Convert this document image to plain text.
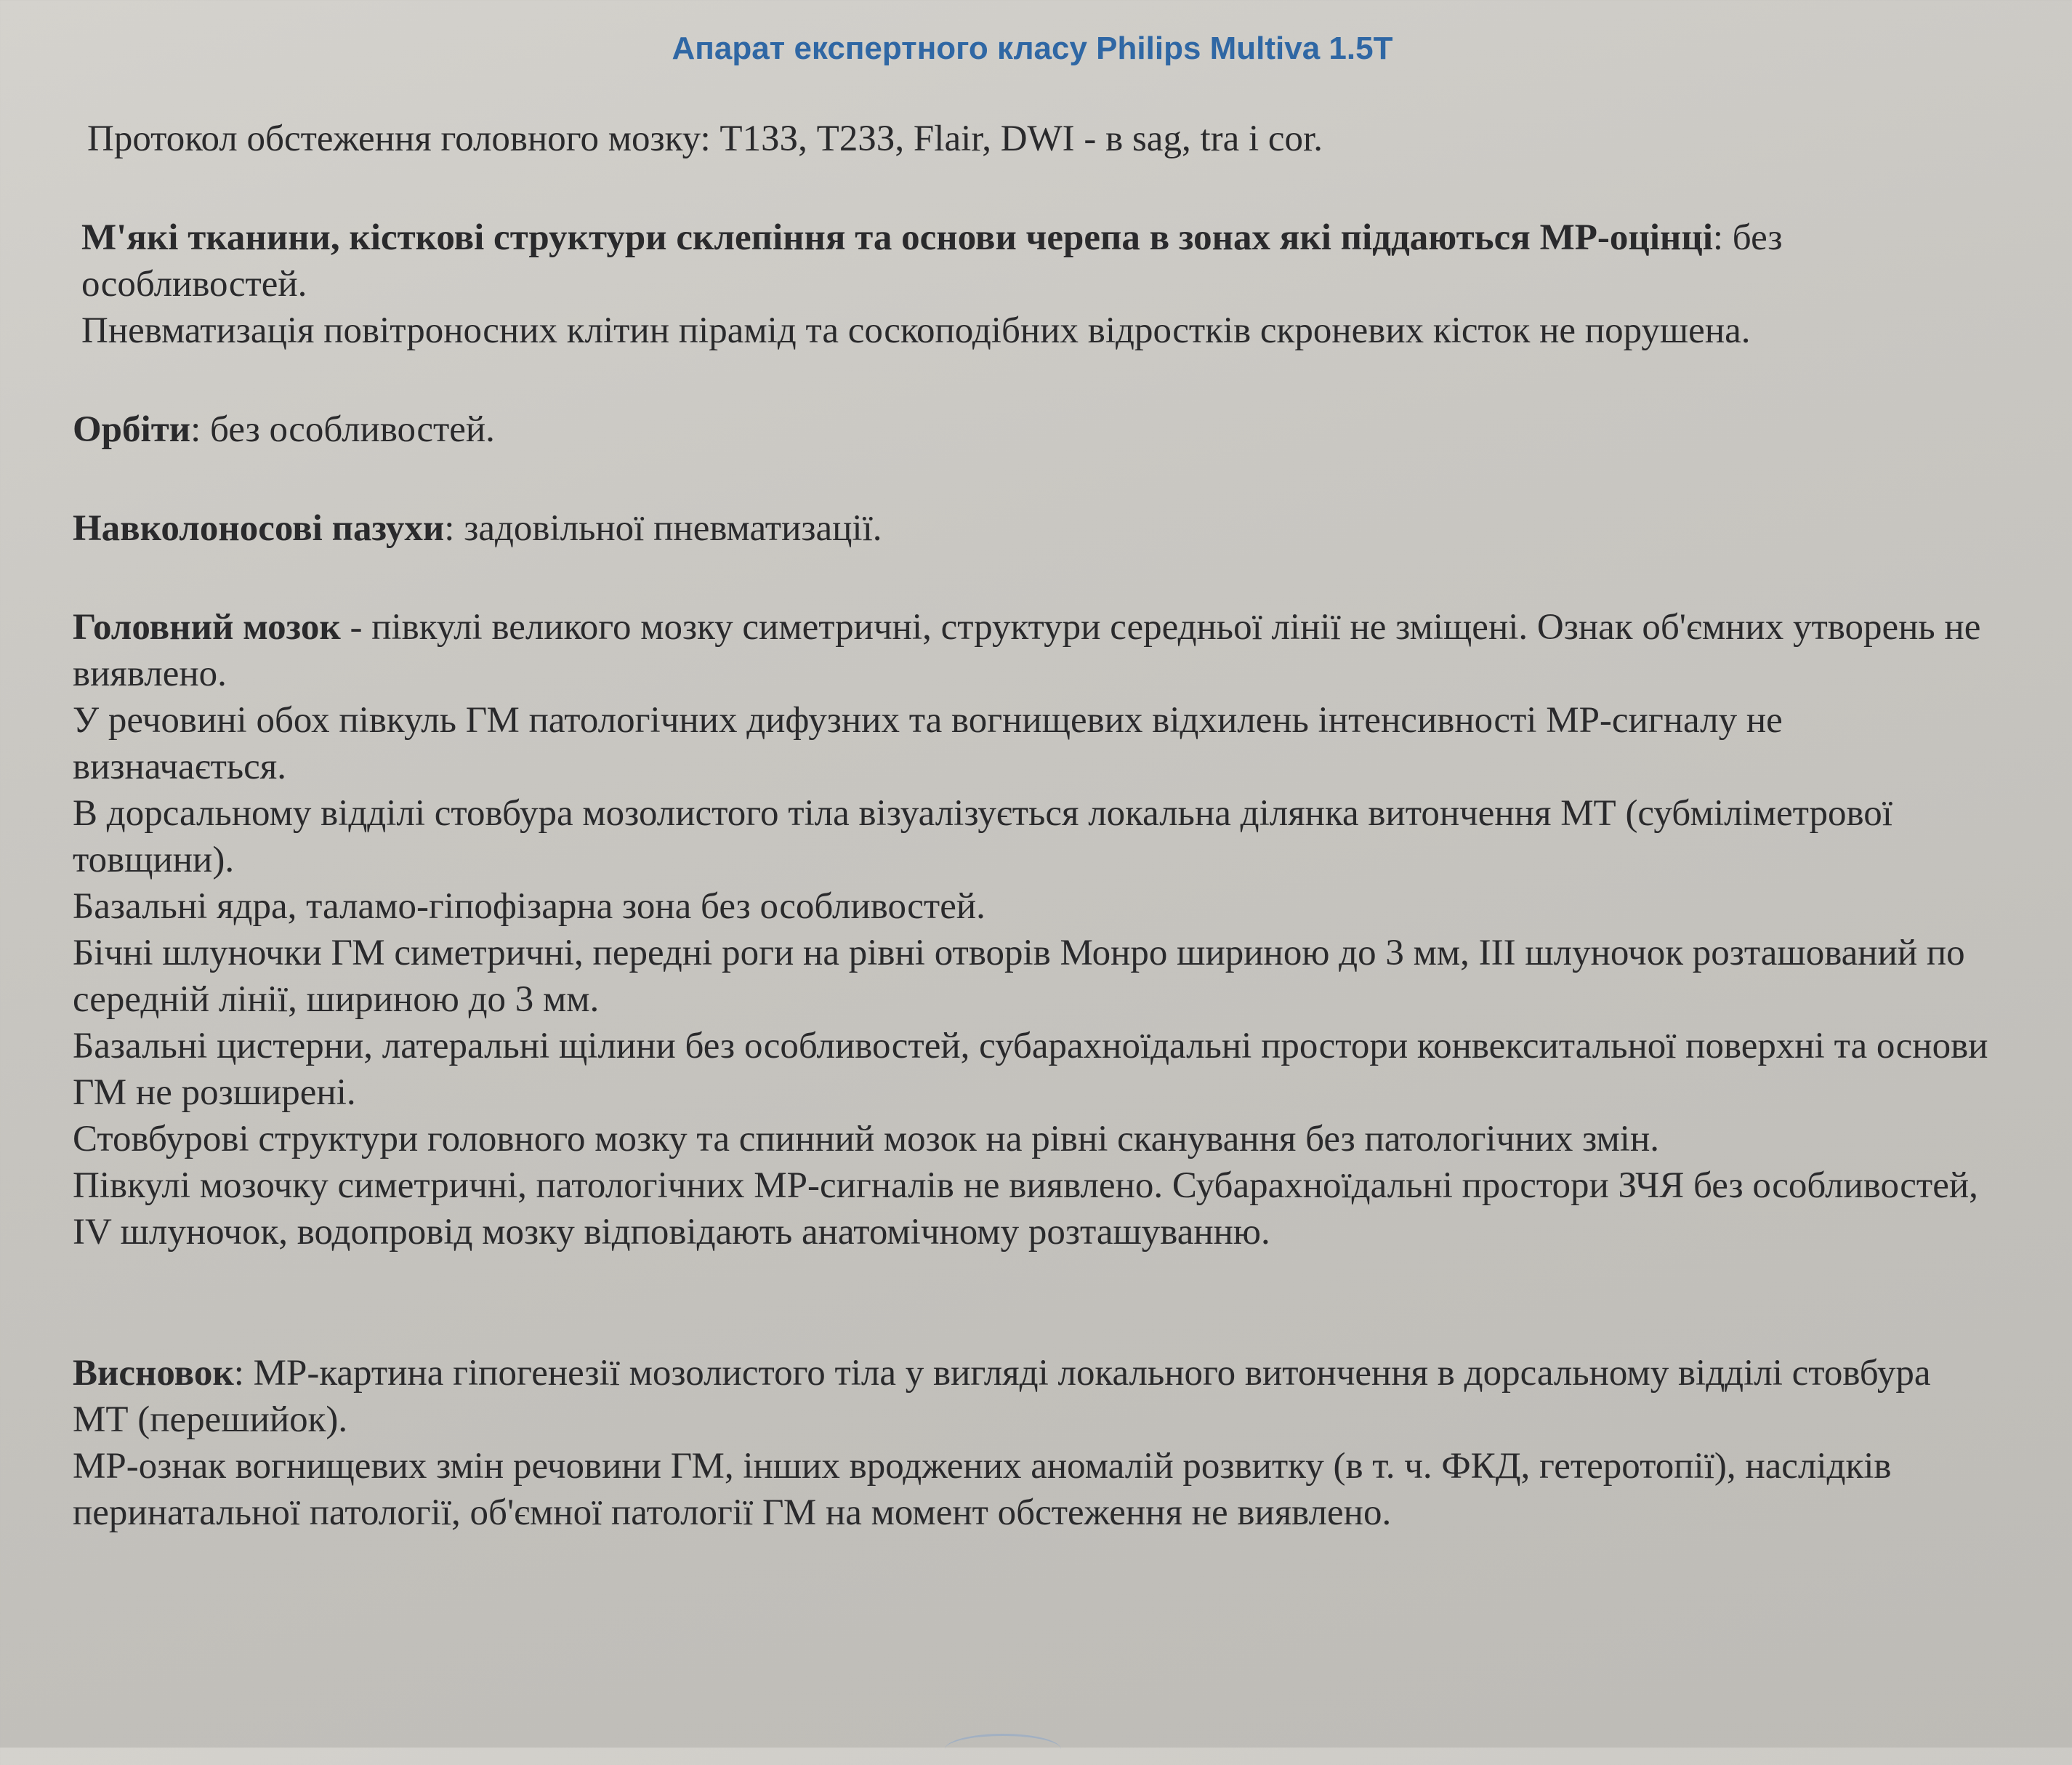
Апарат експертного класу Philips Multiva 1.5T
Протокол обстеження головного мозку: Т1ЗЗ, Т2ЗЗ, Flair, DWI - в sag, tra і cor.

М'які тканини, кісткові структури склепіння та основи черепа в зонах які піддаються МР-оцінці: без особливостей.

Пневматизація повітроносних клітин пірамід та соскоподібних відростків скроневих кісток не порушена.

Орбіти: без особливостей.

Навколоносові пазухи: задовільної пневматизації.

Головний мозок - півкулі великого мозку симетричні, структури середньої лінії не зміщені. Ознак об'ємних утворень не виявлено.

У речовині обох півкуль ГМ патологічних дифузних та вогнищевих відхилень інтенсивності МР-сигналу не визначається.

В дорсальному відділі стовбура мозолистого тіла візуалізується локальна ділянка витончення МТ (субміліметрової товщини).

Базальні ядра, таламо-гіпофізарна зона без особливостей.

Бічні шлуночки ГМ симетричні, передні роги на рівні отворів Монро шириною до 3 мм, III шлуночок розташований по середній лінії, шириною до 3 мм.

Базальні цистерни, латеральні щілини без особливостей, субарахноїдальні простори конвекситальної поверхні та основи ГМ не розширені.

Стовбурові структури головного мозку та спинний мозок на рівні сканування без патологічних змін.

Півкулі мозочку симетричні, патологічних МР-сигналів не виявлено. Субарахноїдальні простори ЗЧЯ без особливостей, IV шлуночок, водопровід мозку відповідають анатомічному розташуванню.

Висновок: МР-картина гіпогенезії мозолистого тіла у вигляді локального витончення в дорсальному відділі стовбура МТ (перешийок).

МР-ознак вогнищевих змін речовини ГМ, інших вроджених аномалій розвитку (в т. ч. ФКД, гетеротопії), наслідків перинатальної патології, об'ємної патології ГМ на момент обстеження не виявлено.
